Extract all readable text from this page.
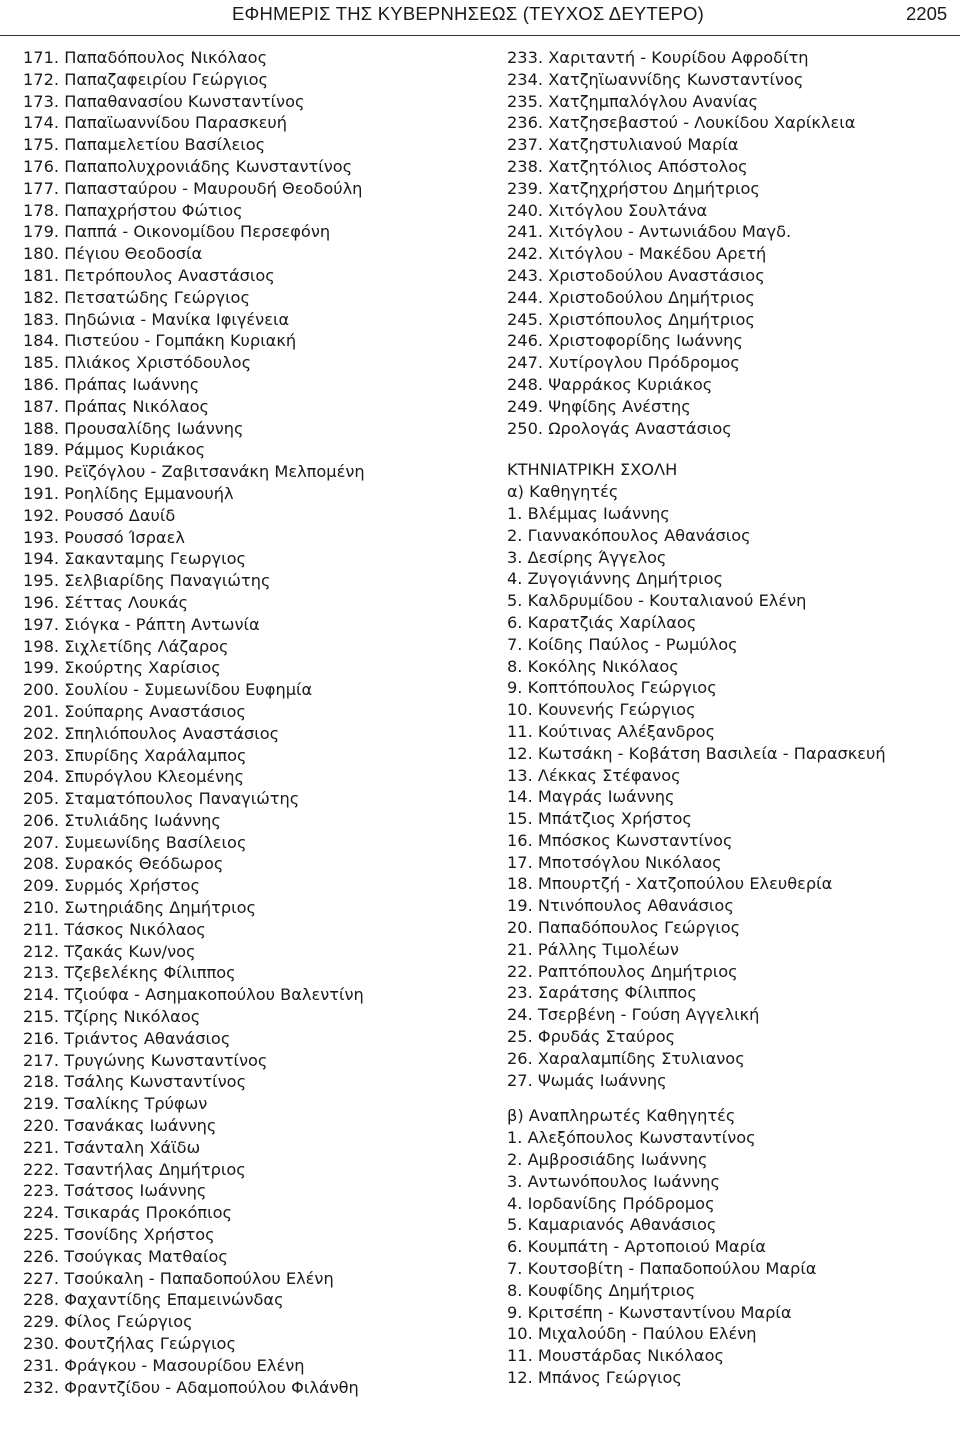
ΕΦΗΜΕΡΙΣ ΤΗΣ ΚΥΒΕΡΝΗΣΕΩΣ (ΤΕΥΧΟΣ ΔΕΥΤΕΡΟ)	2205
171. Παπαδόπουλος Νικόλαος
172. Παπαζαφειρίου Γεώργιος
173. Παπαθανασίου Κωνσταντίνος
174. Παπαϊωαννίδου Παρασκευή
175. Παπαμελετίου Βασίλειος
176. Παπαπολυχρονιάδης Κωνσταντίνος
177. Παπασταύρου - Μαυρουδή Θεοδούλη
178. Παπαχρήστου Φώτιος
179. Παππά - Οικονομίδου Περσεφόνη
180. Πέγιου Θεοδοσία
181. Πετρόπουλος Αναστάσιος
182. Πετσατώδης Γεώργιος
183. Πηδώνια - Μανίκα Ιφιγένεια
184. Πιστεύου - Γομπάκη Κυριακή
185. Πλιάκος Χριστόδουλος
186. Πράπας Ιωάννης
187. Πράπας Νικόλαος
188. Προυσαλίδης Ιωάννης
189. Ράμμος Κυριάκος
190. Ρεϊζόγλου - Ζαβιτσανάκη Μελπομένη
191. Ροηλίδης Εμμανουήλ
192. Ρουσσό Δαυίδ
193. Ρουσσό Ίσραελ
194. Σακανταμης Γεωργιος
195. Σελβιαρίδης Παναγιώτης
196. Σέττας Λουκάς
197. Σιόγκα - Ράπτη Αντωνία
198. Σιχλετίδης Λάζαρος
199. Σκούρτης Χαρίσιος
200. Σουλίου - Συμεωνίδου Ευφημία
201. Σούπαρης Αναστάσιος
202. Σπηλιόπουλος Αναστάσιος
203. Σπυρίδης Χαράλαμπος
204. Σπυρόγλου Κλεομένης
205. Σταματόπουλος Παναγιώτης
206. Στυλιάδης Ιωάννης
207. Συμεωνίδης Βασίλειος
208. Συρακός Θεόδωρος
209. Συρμός Χρήστος
210. Σωτηριάδης Δημήτριος
211. Τάσκος Νικόλαος
212. Τζακάς Κων/νος
213. Τζεβελέκης Φίλιππος
214. Τζιούφα - Ασημακοπούλου Βαλεντίνη
215. Τζίρης Νικόλαος
216. Τριάντος Αθανάσιος
217. Τρυγώνης Κωνσταντίνος
218. Τσάλης Κωνσταντίνος
219. Τσαλίκης Τρύφων
220. Τσανάκας Ιωάννης
221. Τσάνταλη Χάϊδω
222. Τσαντήλας Δημήτριος
223. Τσάτσος Ιωάννης
224. Τσικαράς Προκόπιος
225. Τσονίδης Χρήστος
226. Τσούγκας Ματθαίος
227. Τσούκαλη - Παπαδοπούλου Ελένη
228. Φαχαντίδης Επαμεινώνδας
229. Φίλος Γεώργιος
230. Φουτζήλας Γεώργιος
231. Φράγκου - Μασουρίδου Ελένη
232. Φραντζίδου - Αδαμοπούλου Φιλάνθη
233. Χαριταντή - Κουρίδου Αφροδίτη
234. Χατζηϊωαννίδης Κωνσταντίνος
235. Χατζημπαλόγλου Ανανίας
236. Χατζησεβαστού - Λουκίδου Χαρίκλεια
237. Χατζηστυλιανού Μαρία
238. Χατζητόλιος Απόστολος
239. Χατζηχρήστου Δημήτριος
240. Χιτόγλου Σουλτάνα
241. Χιτόγλου - Αντωνιάδου Μαγδ.
242. Χιτόγλου - Μακέδου Αρετή
243. Χριστοδούλου Αναστάσιος
244. Χριστοδούλου Δημήτριος
245. Χριστόπουλος Δημήτριος
246. Χριστοφορίδης Ιωάννης
247. Χυτίρογλου Πρόδρομος
248. Ψαρράκος Κυριάκος
249. Ψηφίδης Ανέστης
250. Ωρολογάς Αναστάσιος
ΚΤΗΝΙΑΤΡΙΚΗ ΣΧΟΛΗ
α) Καθηγητές
1. Βλέμμας Ιωάννης
2. Γιαννακόπουλος Αθανάσιος
3. Δεσίρης Άγγελος
4. Ζυγογιάννης Δημήτριος
5. Καλδρυμίδου - Κουταλιανού Ελένη
6. Καρατζιάς Χαρίλαος
7. Κοίδης Παύλος - Ρωμύλος
8. Κοκόλης Νικόλαος
9. Κοπτόπουλος Γεώργιος
10. Κουνενής Γεώργιος
11. Κούτινας Αλέξανδρος
12. Κωτσάκη - Κοβάτση Βασιλεία - Παρασκευή
13. Λέκκας Στέφανος
14. Μαγράς Ιωάννης
15. Μπάτζιος Χρήστος
16. Μπόσκος Κωνσταντίνος
17. Μποτσόγλου Νικόλαος
18. Μπουρτζή - Χατζοπούλου Ελευθερία
19. Ντινόπουλος Αθανάσιος
20. Παπαδόπουλος Γεώργιος
21. Ράλλης Τιμολέων
22. Ραπτόπουλος Δημήτριος
23. Σαράτσης Φίλιππος
24. Τσερβένη - Γούση Αγγελική
25. Φρυδάς Σταύρος
26. Χαραλαμπίδης Στυλιανος
27. Ψωμάς Ιωάννης
β) Αναπληρωτές Καθηγητές
1. Αλεξόπουλος Κωνσταντίνος
2. Αμβροσιάδης Ιωάννης
3. Αντωνόπουλος Ιωάννης
4. Ιορδανίδης Πρόδρομος
5. Καμαριανός Αθανάσιος
6. Κουμπάτη - Αρτοποιού Μαρία
7. Κουτσοβίτη - Παπαδοπούλου Μαρία
8. Κουφίδης Δημήτριος
9. Κριτσέπη - Κωνσταντίνου Μαρία
10. Μιχαλούδη - Παύλου Ελένη
11. Μουστάρδας Νικόλαος
12. Μπάνος Γεώργιος
